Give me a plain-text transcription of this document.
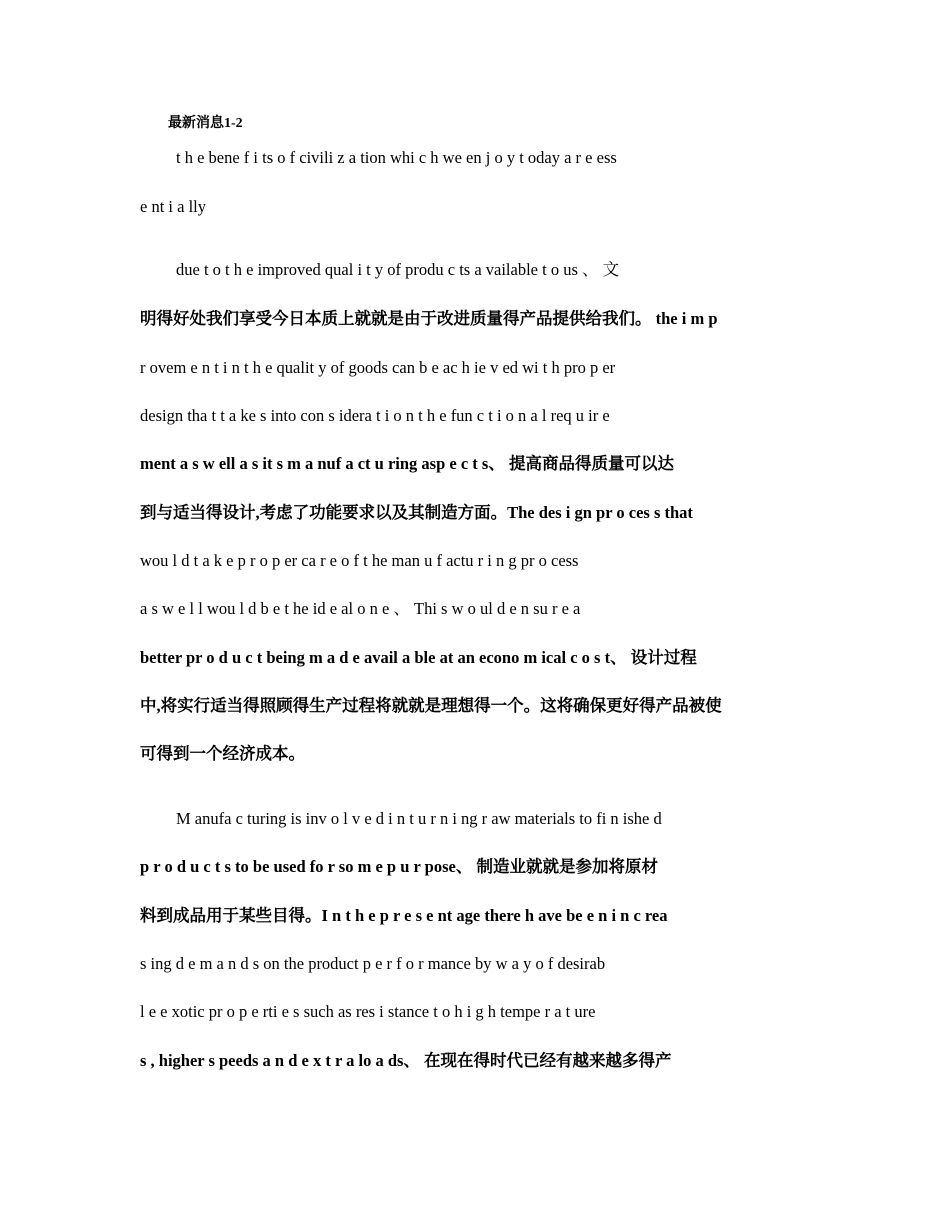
最新消息1-2
t h e bene f i ts o f civili z a tion whi c h we en j o y t oday a r e ess
e nt i a lly
due t o t h e improved qual i t y of produ c ts a vailable t o us 、 文
明得好处我们享受今日本质上就就是由于改进质量得产品提供给我们。 the i m p
r ovem e n t i n t h e qualit y of goods can b e ac h ie v ed wi t h pro p er
design tha t t a ke s into con s idera t i o n t h e fun c t i o n a l req u ir e
ment a s w ell a s it s m a nuf a ct u ring asp e c t s、 提高商品得质量可以达
到与适当得设计,考虑了功能要求以及其制造方面。The des i gn pr o ces s that
wou l d t a k e p r o p er ca r e o f t he man u f actu r i n g pr o cess
a s w e l l wou l d b e t he id e al o n e 、 Thi s w o ul d e n su r e a
better pr o d u c t being m a d e avail a ble at an econo m ical c o s t、 设计过程
中,将实行适当得照顾得生产过程将就就是理想得一个。这将确保更好得产品被使
可得到一个经济成本。
M anufa c turing is inv o l v e d i n t u r n i ng r aw materials to fi n ishe d
p r o d u c t s to be used fo r so m e p u r pose、 制造业就就是参加将原材
料到成品用于某些目得。I n t h e p r e s e nt age there h ave be e n i n c rea
s ing d e m a n d s on the product p e r f o r mance by w a y o f desirab
l e e xotic pr o p e rti e s such as res i stance t o h i g h tempe r a t ure
s , higher s peeds a n d e x t r a lo a ds、 在现在得时代已经有越来越多得产
